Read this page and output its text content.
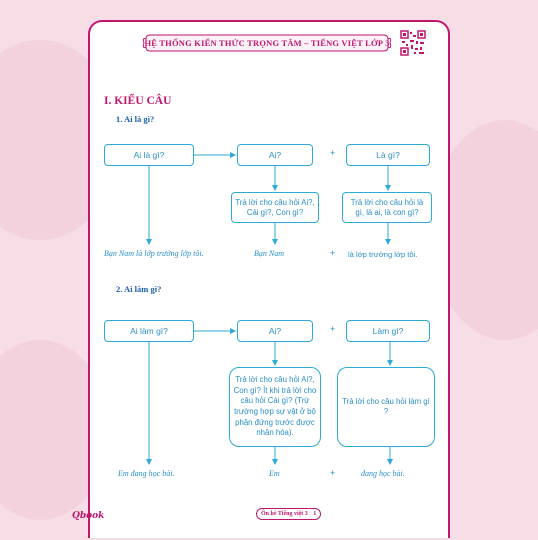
HỆ THỐNG KIẾN THỨC TRỌNG TÂM – TIẾNG VIỆT LỚP 3
I. KIỂU CÂU
1. Ai là gì?
Ai là gì?	Ai?	+	Là gì?
Trả lời cho câu hỏi Ai?, Cái gì?, Con gì?
Trả lời cho câu hỏi là gì, là ai, là con gì?
Bạn Nam là lớp trưởng lớp tôi.	Bạn Nam	+ là lớp trưởng lớp tôi.
2. Ai làm gì?
Ai làm gì?	Ai?	+	Làm gì?
Trả lời cho câu hỏi Ai?, Con gì? Ít khi trả lời cho câu hỏi Cái gì? (Trừ trường hợp sự vật ở bộ phận đứng trước được nhân hóa).
Trả lời cho câu hỏi làm gì ?
Em đang học bài.	Em	+	đang học bài.
Qbook	Ôn hè Tiếng việt 3 1
